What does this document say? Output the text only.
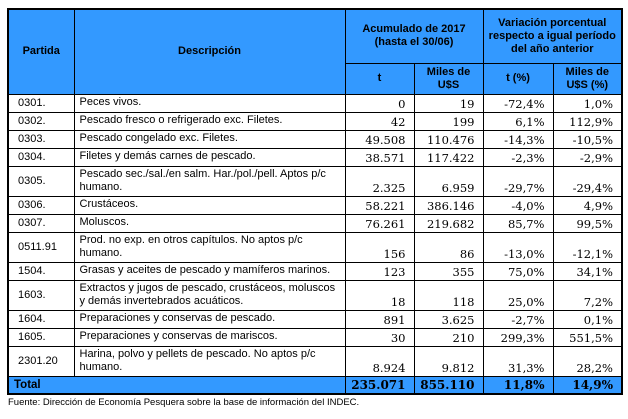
Partida	Descripción	Acumulado de 2017 (hasta el 30/06)		Variación porcentual respecto a igual período del año anterior	
		t	Miles de U$S	t (%)	Miles de U$S (%)
0301.	Peces vivos.	0	19	-72,4%	1,0%
0302.	Pescado fresco o refrigerado exc. Filetes.	42	199	6,1%	112,9%
0303.	Pescado congelado exc. Filetes.	49.508	110.476	-14,3%	-10,5%
0304.	Filetes y demás carnes de pescado.	38.571	117.422	-2,3%	-2,9%
0305.	Pescado sec./sal./en salm. Har./pol./pell. Aptos p/c humano.	2.325	6.959	-29,7%	-29,4%
0306.	Crustáceos.	58.221	386.146	-4,0%	4,9%
0307.	Moluscos.	76.261	219.682	85,7%	99,5%
0511.91	Prod. no exp. en otros capítulos. No aptos p/c humano.	156	86	-13,0%	-12,1%
1504.	Grasas y aceites de pescado y mamíferos marinos.	123	355	75,0%	34,1%
1603.	Extractos y jugos de pescado, crustáceos, moluscos y demás invertebrados acuáticos.	18	118	25,0%	7,2%
1604.	Preparaciones y conservas de pescado.	891	3.625	-2,7%	0,1%
1605.	Preparaciones y conservas de mariscos.	30	210	299,3%	551,5%
2301.20	Harina, polvo y pellets de pescado. No aptos p/c humano.	8.924	9.812	31,3%	28,2%
Total		235.071	855.110	11,8%	14,9%
Fuente: Dirección de Economía Pesquera sobre la base de información del INDEC.
